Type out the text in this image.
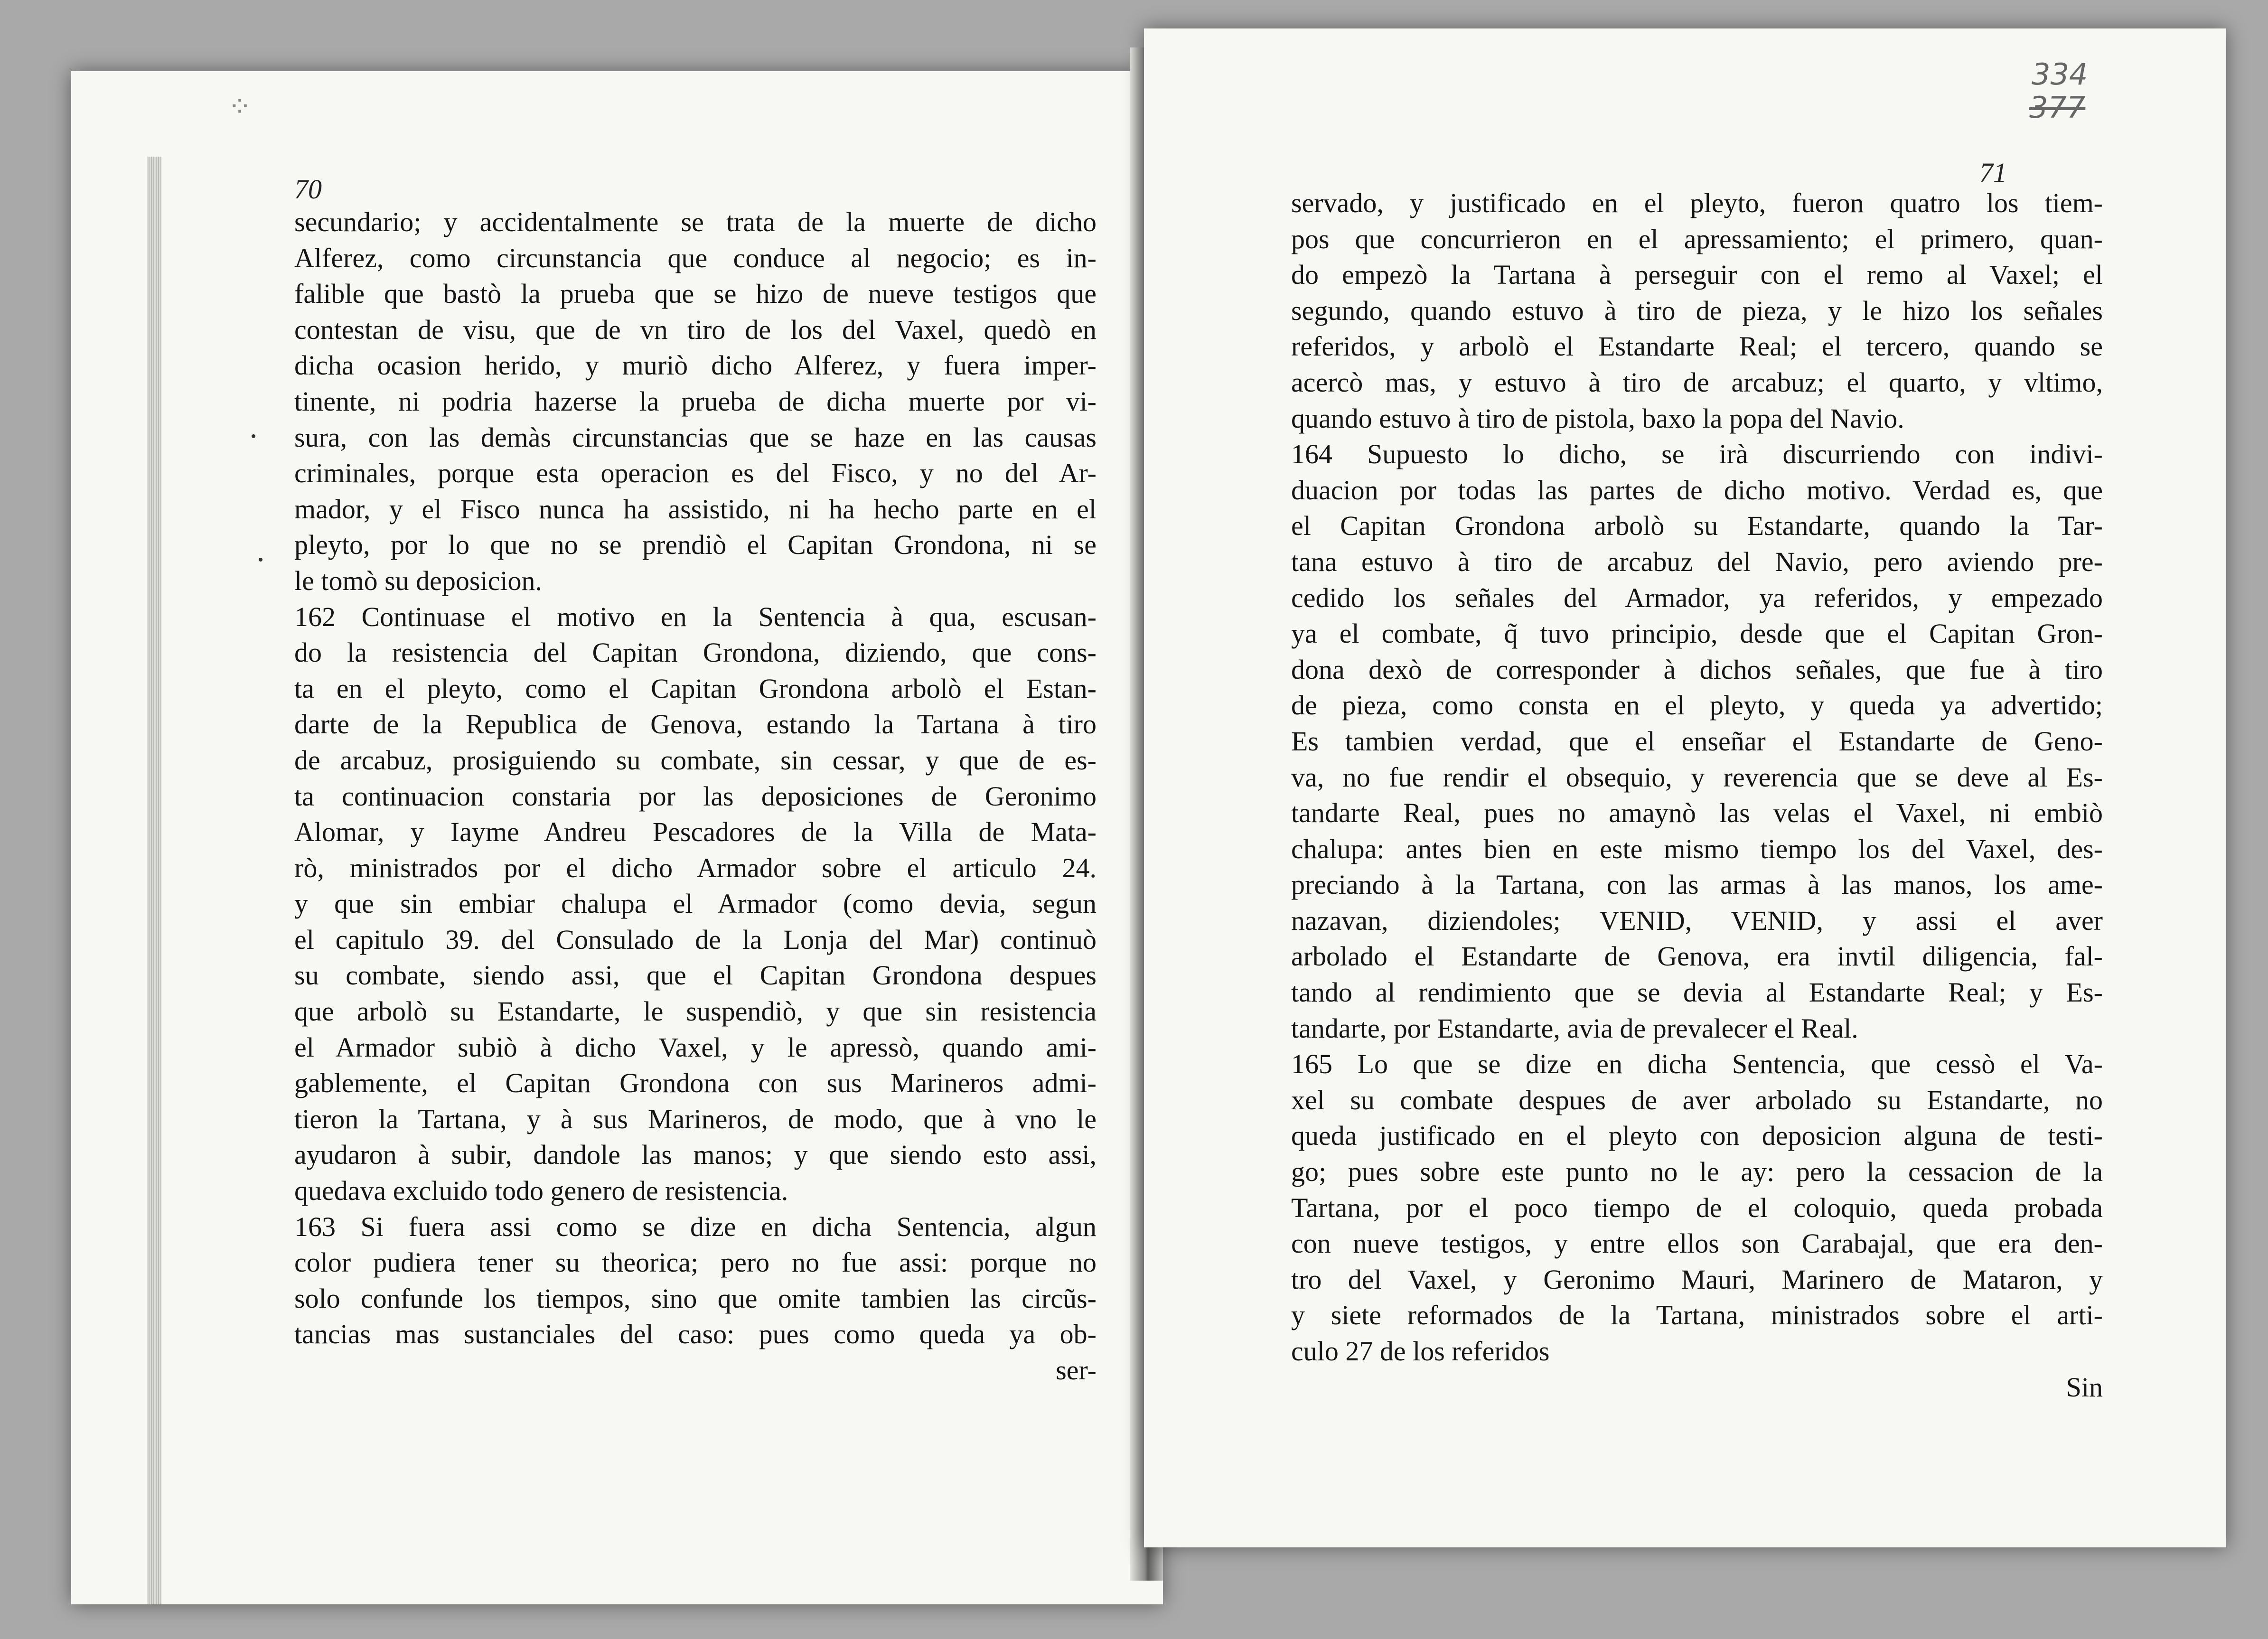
⁘
70
secundario; y accidentalmente se trata de la muerte de dicho
Alferez, como circunstancia que conduce al negocio; es in-
falible que bastò la prueba que se hizo de nueve testigos que
contestan de visu, que de vn tiro de los del Vaxel, quedò en
dicha ocasion herido, y muriò dicho Alferez, y fuera imper-
tinente, ni podria hazerse la prueba de dicha muerte por vi-
sura, con las demàs circunstancias que se haze en las causas
criminales, porque esta operacion es del Fisco, y no del Ar-
mador, y el Fisco nunca ha assistido, ni ha hecho parte en el
pleyto, por lo que no se prendiò el Capitan Grondona, ni se
le tomò su deposicion.
162 Continuase el motivo en la Sentencia à qua, escusan-
do la resistencia del Capitan Grondona, diziendo, que cons-
ta en el pleyto, como el Capitan Grondona arbolò el Estan-
darte de la Republica de Genova, estando la Tartana à tiro
de arcabuz, prosiguiendo su combate, sin cessar, y que de es-
ta continuacion constaria por las deposiciones de Geronimo
Alomar, y Iayme Andreu Pescadores de la Villa de Mata-
rò, ministrados por el dicho Armador sobre el articulo 24.
y que sin embiar chalupa el Armador (como devia, segun
el capitulo 39. del Consulado de la Lonja del Mar) continuò
su combate, siendo assi, que el Capitan Grondona despues
que arbolò su Estandarte, le suspendiò, y que sin resistencia
el Armador subiò à dicho Vaxel, y le apressò, quando ami-
gablemente, el Capitan Grondona con sus Marineros admi-
tieron la Tartana, y à sus Marineros, de modo, que à vno le
ayudaron à subir, dandole las manos; y que siendo esto assi,
quedava excluido todo genero de resistencia.
163 Si fuera assi como se dize en dicha Sentencia, algun
color pudiera tener su theorica; pero no fue assi: porque no
solo confunde los tiempos, sino que omite tambien las circũs-
tancias mas sustanciales del caso: pues como queda ya ob-
ser-
334
377
71
servado, y justificado en el pleyto, fueron quatro los tiem-
pos que concurrieron en el apressamiento; el primero, quan-
do empezò la Tartana à perseguir con el remo al Vaxel; el
segundo, quando estuvo à tiro de pieza, y le hizo los señales
referidos, y arbolò el Estandarte Real; el tercero, quando se
acercò mas, y estuvo à tiro de arcabuz; el quarto, y vltimo,
quando estuvo à tiro de pistola, baxo la popa del Navio.
164 Supuesto lo dicho, se irà discurriendo con indivi-
duacion por todas las partes de dicho motivo. Verdad es, que
el Capitan Grondona arbolò su Estandarte, quando la Tar-
tana estuvo à tiro de arcabuz del Navio, pero aviendo pre-
cedido los señales del Armador, ya referidos, y empezado
ya el combate, q̃ tuvo principio, desde que el Capitan Gron-
dona dexò de corresponder à dichos señales, que fue à tiro
de pieza, como consta en el pleyto, y queda ya advertido;
Es tambien verdad, que el enseñar el Estandarte de Geno-
va, no fue rendir el obsequio, y reverencia que se deve al Es-
tandarte Real, pues no amaynò las velas el Vaxel, ni embiò
chalupa: antes bien en este mismo tiempo los del Vaxel, des-
preciando à la Tartana, con las armas à las manos, los ame-
nazavan, diziendoles; VENID, VENID, y assi el aver
arbolado el Estandarte de Genova, era invtil diligencia, fal-
tando al rendimiento que se devia al Estandarte Real; y Es-
tandarte, por Estandarte, avia de prevalecer el Real.
165 Lo que se dize en dicha Sentencia, que cessò el Va-
xel su combate despues de aver arbolado su Estandarte, no
queda justificado en el pleyto con deposicion alguna de testi-
go; pues sobre este punto no le ay: pero la cessacion de la
Tartana, por el poco tiempo de el coloquio, queda probada
con nueve testigos, y entre ellos son Carabajal, que era den-
tro del Vaxel, y Geronimo Mauri, Marinero de Mataron, y
y siete reformados de la Tartana, ministrados sobre el arti-
culo 27 de los referidos
Sin
